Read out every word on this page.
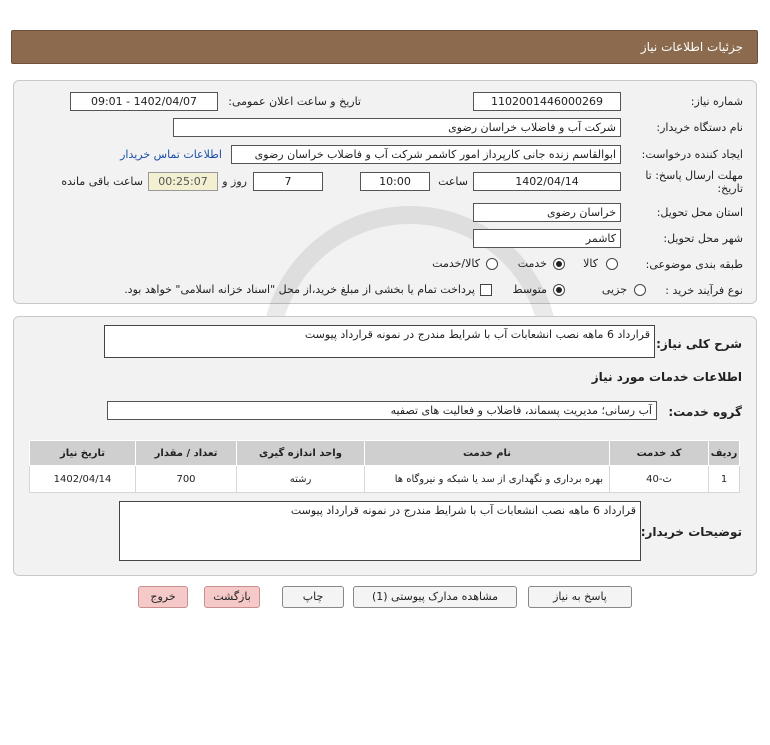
جزئیات اطلاعات نیاز
شماره نیاز:
1102001446000269
تاریخ و ساعت اعلان عمومی:
1402/04/07 - 09:01
نام دستگاه خریدار:
شرکت آب و فاضلاب خراسان رضوی
ایجاد کننده درخواست:
ابوالقاسم زنده جانی کارپرداز امور کاشمر شرکت آب و فاضلاب خراسان رضوی
اطلاعات تماس خریدار
مهلت ارسال پاسخ: تا
تاریخ:
1402/04/14
ساعت
10:00
7
روز و
00:25:07
ساعت باقی مانده
استان محل تحویل:
خراسان رضوی
شهر محل تحویل:
کاشمر
طبقه بندی موضوعی:
کالا
خدمت
کالا/خدمت
نوع فرآیند خرید :
جزیی
متوسط
پرداخت تمام یا بخشی از مبلغ خرید،از محل "اسناد خزانه اسلامی" خواهد بود.
شرح کلی نیاز:
قرارداد 6 ماهه نصب انشعابات آب با شرایط مندرج در نمونه قرارداد پیوست
اطلاعات خدمات مورد نیاز
گروه خدمت:
آب رسانی؛ مدیریت پسماند، فاضلاب و فعالیت های تصفیه
ردیف	کد خدمت	نام خدمت	واحد اندازه گیری	تعداد / مقدار	تاریخ نیاز
1	ث-40	بهره برداری و نگهداری از سد یا شبکه و نیروگاه ها	رشته	700	1402/04/14
توضیحات خریدار:
قرارداد 6 ماهه نصب انشعابات آب با شرایط مندرج در نمونه قرارداد پیوست
پاسخ به نیاز
مشاهده مدارک پیوستی (1)
چاپ
بازگشت
خروج
